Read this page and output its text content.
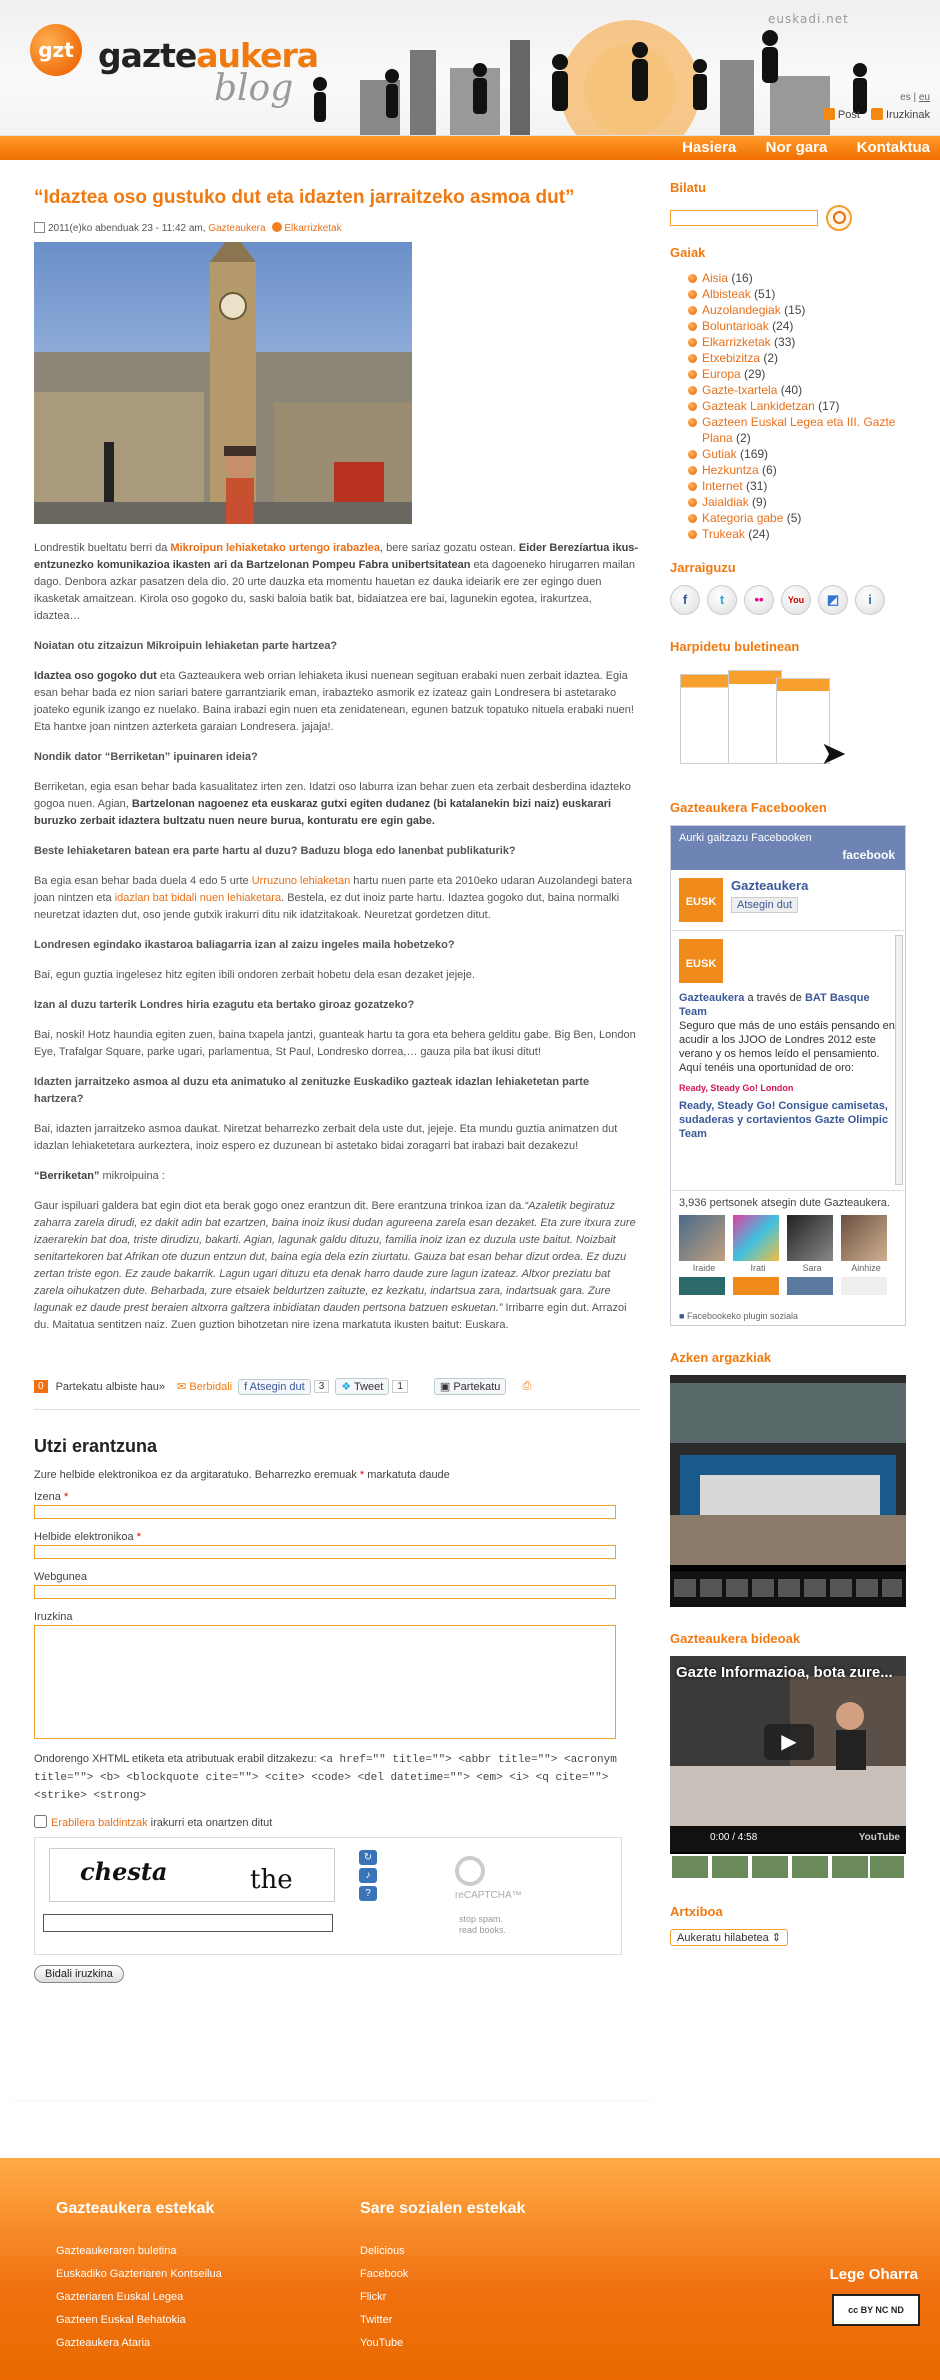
gzt gazteaukera
blog
euskadi.net
es | eu
Post Iruzkinak
Hasiera Nor gara Kontaktua
“Idaztea oso gustuko dut eta idazten jarraitzeko asmoa dut”
2011(e)ko abenduak 23 - 11:42 am, Gazteaukera Elkarrizketak

Londrestik bueltatu berri da Mikroipun lehiaketako urtengo irabazlea, bere sariaz gozatu ostean. Eider Berezíartua ikus-entzunezko komunikazioa ikasten ari da Bartzelonan Pompeu Fabra unibertsitatean eta dagoeneko hirugarren mailan dago. Denbora azkar pasatzen dela dio. 20 urte dauzka eta momentu hauetan ez dauka ideiarik ere zer egingo duen ikasketak amaitzean. Kirola oso gogoko du, saski baloia batik bat, bidaiatzea ere bai, lagunekin egotea, irakurtzea, idaztea…

Noiatan otu zitzaizun Mikroipuin lehiaketan parte hartzea?

Idaztea oso gogoko dut eta Gazteaukera web orrian lehiaketa ikusi nuenean segituan erabaki nuen zerbait idaztea. Egia esan behar bada ez nion sariari batere garrantziarik eman, irabazteko asmorik ez izateaz gain Londresera bi astetarako joateko egunik izango ez nuelako. Baina irabazi egin nuen eta zenidatenean, egunen batzuk topatuko nituela erabaki nuen! Eta hantxe joan nintzen azterketa garaian Londresera. jajaja!.

Nondik dator “Berriketan” ipuinaren ideia?

Berriketan, egia esan behar bada kasualitatez irten zen. Idatzi oso laburra izan behar zuen eta zerbait desberdina idazteko gogoa nuen. Agian, Bartzelonan nagoenez eta euskaraz gutxi egiten dudanez (bi katalanekin bizi naiz) euskarari buruzko zerbait idaztera bultzatu nuen neure burua, konturatu ere egin gabe.

Beste lehiaketaren batean era parte hartu al duzu? Baduzu bloga edo lanenbat publikaturik?

Ba egia esan behar bada duela 4 edo 5 urte Urruzuno lehiaketan hartu nuen parte eta 2010eko udaran Auzolandegi batera joan nintzen eta idazlan bat bidali nuen lehiaketara. Bestela, ez dut inoiz parte hartu. Idaztea gogoko dut, baina normalki neuretzat idazten dut, oso jende gutxik irakurri ditu nik idatzitakoak. Neuretzat gordetzen ditut.

Londresen egindako ikastaroa baliagarria izan al zaizu ingeles maila hobetzeko?

Bai, egun guztia ingelesez hitz egiten ibili ondoren zerbait hobetu dela esan dezaket jejeje.

Izan al duzu tarterik Londres hiria ezagutu eta bertako giroaz gozatzeko?

Bai, noski! Hotz haundia egiten zuen, baina txapela jantzi, guanteak hartu ta gora eta behera gelditu gabe. Big Ben, London Eye, Trafalgar Square, parke ugari, parlamentua, St Paul, Londresko dorrea,… gauza pila bat ikusi ditut!

Idazten jarraitzeko asmoa al duzu eta animatuko al zenituzke Euskadiko gazteak idazlan lehiaketetan parte hartzera?

Bai, idazten jarraitzeko asmoa daukat. Niretzat beharrezko zerbait dela uste dut, jejeje. Eta mundu guztia animatzen dut idazlan lehiaketetara aurkeztera, inoiz espero ez duzunean bi astetako bidai zoragarri bat irabazi bait dezakezu!

“Berriketan” mikroipuina :

Gaur ispiluari galdera bat egin diot eta berak gogo onez erantzun dit. Bere erantzuna trinkoa izan da.“Azaletik begiratuz zaharra zarela dirudi, ez dakit adin bat ezartzen, baina inoiz ikusi dudan agureena zarela esan dezaket. Eta zure itxura zure izaerarekin bat doa, triste dirudizu, bakarti. Agian, lagunak galdu dituzu, familia inoiz izan ez duzula uste baitut. Noizbait senitartekoren bat Afrikan ote duzun entzun dut, baina egia dela ezin ziurtatu. Gauza bat esan behar dizut ordea. Ez duzu zertan triste egon. Ez zaude bakarrik. Lagun ugari dituzu eta denak harro daude zure lagun izateaz. Altxor preziatu bat zarela oihukatzen dute. Beharbada, zure etsaiek beldurtzen zaituzte, ez kezkatu, indartsua zara, indartsuak gara. Zure lagunak ez daude prest beraien altxorra galtzera inbidiatan dauden pertsona batzuen eskuetan.” Irribarre egin dut. Arrazoi du. Maitatua sentitzen naiz. Zuen guztion bihotzetan nire izena markatuta ikusten baitut: Euskara.

0	Partekatu albiste hau» ✉ Berbidali	f Atsegin dut	3	❖ Tweet	1	▣ Partekatu	⎙
Utzi erantzuna

Zure helbide elektronikoa ez da argitaratuko. Beharrezko eremuak * markatuta daude

Izena *
Helbide elektronikoa *
Webgunea
Iruzkina

Ondorengo XHTML etiketa eta atributuak erabil ditzakezu: <a href="" title=""> <abbr title=""> <acronym title=""> <b> <blockquote cite=""> <cite> <code> <del datetime=""> <em> <i> <q cite=""> <strike> <strong>

Erabilera baldintzak irakurri eta onartzen ditut

chesta	the
↻
♪
?	reCAPTCHA™
stop spam.
read books.
Bidali iruzkina
Bilatu
Gaiak
Aisia (16)
Albisteak (51)
Auzolandegiak (15)
Boluntarioak (24)
Elkarrizketak (33)
Etxebizitza (2)
Europa (29)
Gazte-txartela (40)
Gazteak Lankidetzan (17)
Gazteen Euskal Legea eta III. Gazte Plana (2)
Gutiak (169)
Hezkuntza (6)
Internet (31)
Jaialdiak (9)
Kategoria gabe (5)
Trukeak (24)
Jarraiguzu
f	t	••	You	◩	i
Harpidetu buletinean
➤
Gazteaukera Facebooken
Aurki gaitzazu Facebooken
facebook
EUSK
Gazteaukera
Atsegin dut
EUSK
Gazteaukera a través de BAT Basque Team
Seguro que más de uno estáis pensando en acudir a los JJOO de Londres 2012 este verano y os hemos leído el pensamiento. Aquí tenéis una oportunidad de oro:
Ready, Steady Go! London
Ready, Steady Go! Consigue camisetas, sudaderas y cortavientos Gazte Olimpic Team
3,936 pertsonek atsegin dute Gazteaukera.
Iraide	Irati	Sara	Ainhize
■ Facebookeko plugin soziala
Azken argazkiak
Gazteaukera bideoak
Gazte Informazioa, bota zure...
▶
0:00 / 4:58	YouTube
Artxiboa
Aukeratu hilabetea ⇕
Gazteaukera estekak
Gazteaukeraren buletina
Euskadiko Gazteriaren Kontseilua
Gazteriaren Euskal Legea
Gazteen Euskal Behatokia
Gazteaukera Ataria
Sare sozialen estekak
Delicious
Facebook
Flickr
Twitter
YouTube
Lege Oharra
cc BY NC ND
